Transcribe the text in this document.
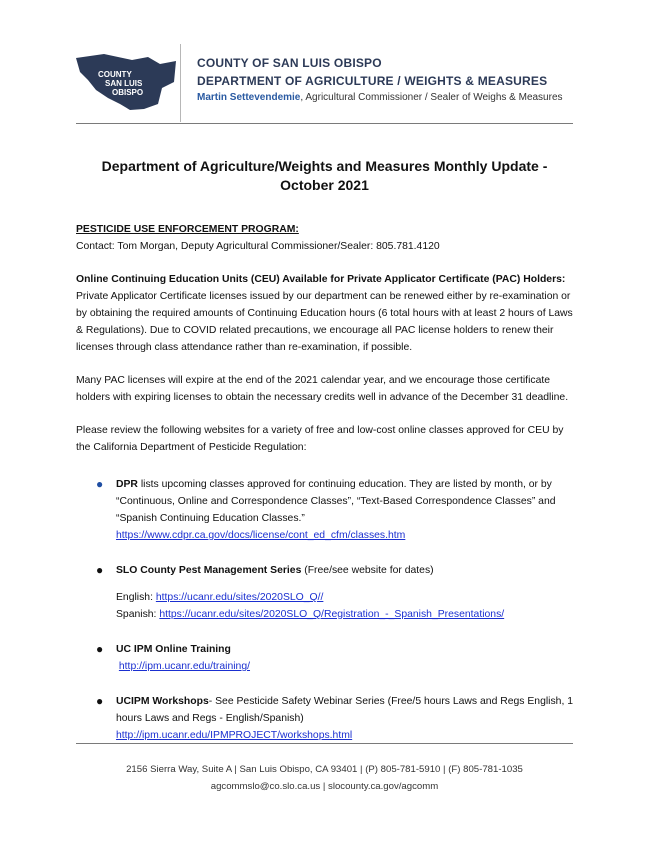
COUNTY
SAN LUIS
OBISPO
COUNTY OF SAN LUIS OBISPO
DEPARTMENT OF AGRICULTURE / WEIGHTS & MEASURES
Martin Settevendemie, Agricultural Commissioner / Sealer of Weighs & Measures
Department of Agriculture/Weights and Measures Monthly Update -
October 2021

PESTICIDE USE ENFORCEMENT PROGRAM:

Contact: Tom Morgan, Deputy Agricultural Commissioner/Sealer: 805.781.4120

Online Continuing Education Units (CEU) Available for Private Applicator Certificate (PAC) Holders:

Private Applicator Certificate licenses issued by our department can be renewed either by re-examination or by obtaining the required amounts of Continuing Education hours (6 total hours with at least 2 hours of Laws & Regulations). Due to COVID related precautions, we encourage all PAC license holders to renew their licenses through class attendance rather than re-examination, if possible.

Many PAC licenses will expire at the end of the 2021 calendar year, and we encourage those certificate holders with expiring licenses to obtain the necessary credits well in advance of the December 31 deadline.

Please review the following websites for a variety of free and low-cost online classes approved for CEU by the California Department of Pesticide Regulation:

● DPR lists upcoming classes approved for continuing education. They are listed by month, or by “Continuous, Online and Correspondence Classes”, “Text-Based Correspondence Classes” and “Spanish Continuing Education Classes.”
https://www.cdpr.ca.gov/docs/license/cont_ed_cfm/classes.htm
● SLO County Pest Management Series (Free/see website for dates)
English: https://ucanr.edu/sites/2020SLO_Q//
Spanish: https://ucanr.edu/sites/2020SLO_Q/Registration_-_Spanish_Presentations/
● UC IPM Online Training
http://ipm.ucanr.edu/training/
● UCIPM Workshops- See Pesticide Safety Webinar Series (Free/5 hours Laws and Regs English, 1 hours Laws and Regs - English/Spanish)
http://ipm.ucanr.edu/IPMPROJECT/workshops.html
2156 Sierra Way, Suite A | San Luis Obispo, CA 93401 | (P) 805-781-5910 | (F) 805-781-1035
agcommslo@co.slo.ca.us | slocounty.ca.gov/agcomm
